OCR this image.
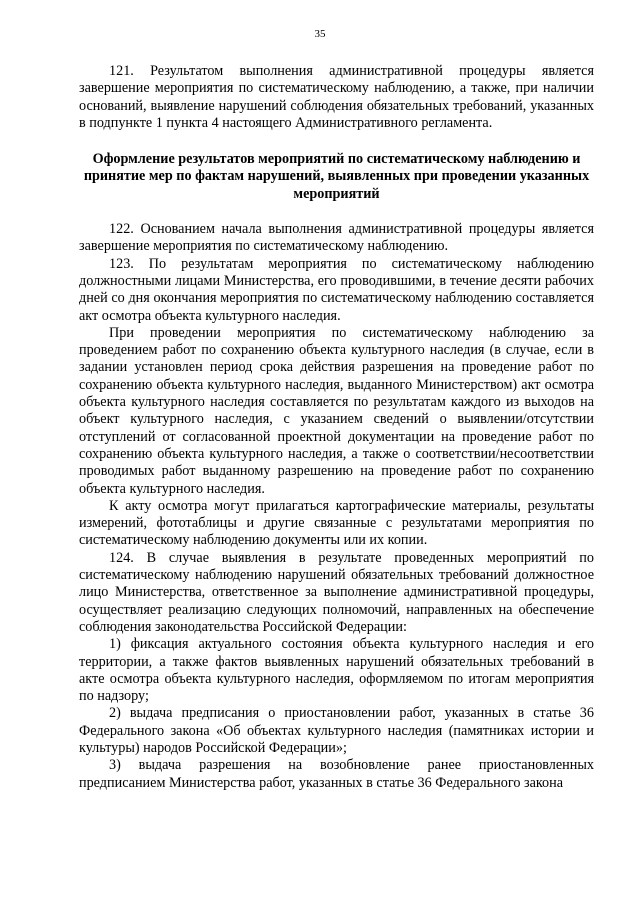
35

121. Результатом выполнения административной процедуры является завершение мероприятия по систематическому наблюдению, а также, при наличии оснований, выявление нарушений соблюдения обязательных требований, указанных в подпункте 1 пункта 4 настоящего Административного регламента.

Оформление результатов мероприятий по систематическому наблюдению и принятие мер по фактам нарушений, выявленных при проведении указанных мероприятий

122. Основанием начала выполнения административной процедуры является завершение мероприятия по систематическому наблюдению.

123. По результатам мероприятия по систематическому наблюдению должностными лицами Министерства, его проводившими, в течение десяти рабочих дней со дня окончания мероприятия по систематическому наблюдению составляется акт осмотра объекта культурного наследия.

При проведении мероприятия по систематическому наблюдению за проведением работ по сохранению объекта культурного наследия (в случае, если в задании установлен период срока действия разрешения на проведение работ по сохранению объекта культурного наследия, выданного Министерством) акт осмотра объекта культурного наследия составляется по результатам каждого из выходов на объект культурного наследия, с указанием сведений о выявлении/отсутствии отступлений от согласованной проектной документации на проведение работ по сохранению объекта культурного наследия, а также о соответствии/несоответствии проводимых работ выданному разрешению на проведение работ по сохранению объекта культурного наследия.

К акту осмотра могут прилагаться картографические материалы, результаты измерений, фототаблицы и другие связанные с результатами мероприятия по систематическому наблюдению документы или их копии.

124. В случае выявления в результате проведенных мероприятий по систематическому наблюдению нарушений обязательных требований должностное лицо Министерства, ответственное за выполнение административной процедуры, осуществляет реализацию следующих полномочий, направленных на обеспечение соблюдения законодательства Российской Федерации:

1) фиксация актуального состояния объекта культурного наследия и его территории, а также фактов выявленных нарушений обязательных требований в акте осмотра объекта культурного наследия, оформляемом по итогам мероприятия по надзору;

2) выдача предписания о приостановлении работ, указанных в статье 36 Федерального закона «Об объектах культурного наследия (памятниках истории и культуры) народов Российской Федерации»;

3) выдача разрешения на возобновление ранее приостановленных предписанием Министерства работ, указанных в статье 36 Федерального закона
